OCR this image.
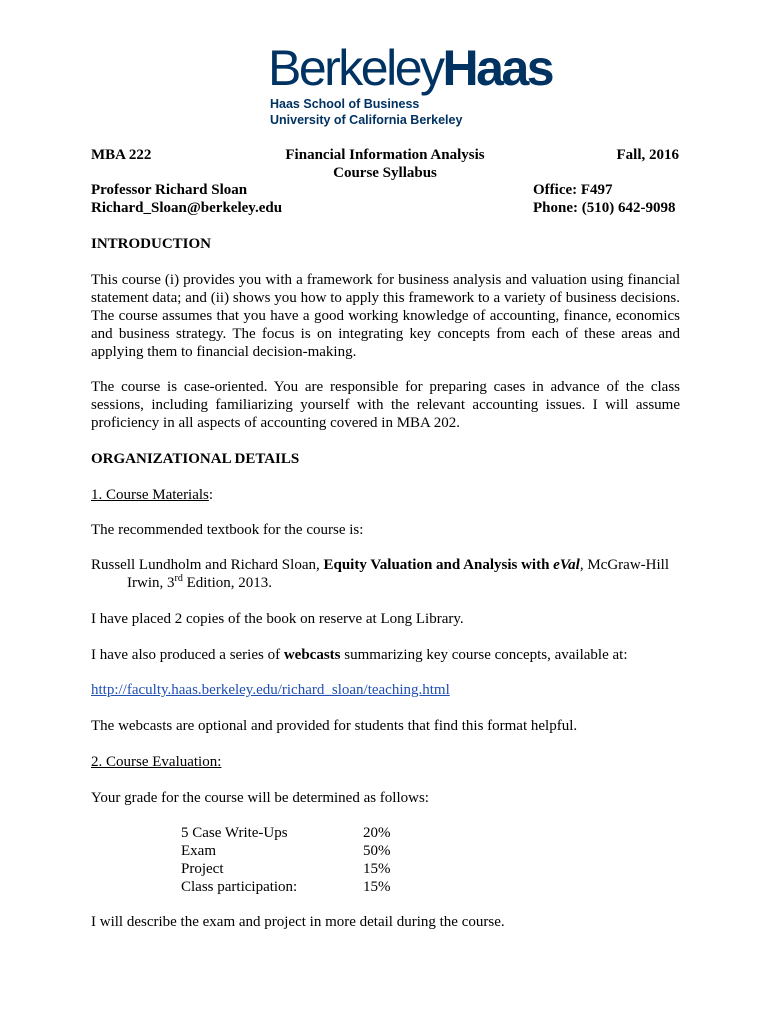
BerkeleyHaas
Haas School of Business
University of California Berkeley
MBA 222	Financial Information Analysis
Course Syllabus
Fall, 2016
Professor Richard Sloan
Richard_Sloan@berkeley.edu
Office: F497
Phone: (510) 642-9098
INTRODUCTION
This course (i) provides you with a framework for business analysis and valuation using financial statement data; and (ii) shows you how to apply this framework to a variety of business decisions. The course assumes that you have a good working knowledge of accounting, finance, economics and business strategy. The focus is on integrating key concepts from each of these areas and applying them to financial decision-making.
The course is case-oriented. You are responsible for preparing cases in advance of the class sessions, including familiarizing yourself with the relevant accounting issues. I will assume proficiency in all aspects of accounting covered in MBA 202.
ORGANIZATIONAL DETAILS
1. Course Materials:
The recommended textbook for the course is:
Russell Lundholm and Richard Sloan, Equity Valuation and Analysis with eVal, McGraw-Hill
Irwin, 3rd Edition, 2013.
I have placed 2 copies of the book on reserve at Long Library.
I have also produced a series of webcasts summarizing key course concepts, available at:
http://faculty.haas.berkeley.edu/richard_sloan/teaching.html
The webcasts are optional and provided for students that find this format helpful.
2. Course Evaluation:
Your grade for the course will be determined as follows:
5 Case Write-Ups	20%
Exam	50%
Project	15%
Class participation:	15%
I will describe the exam and project in more detail during the course.
